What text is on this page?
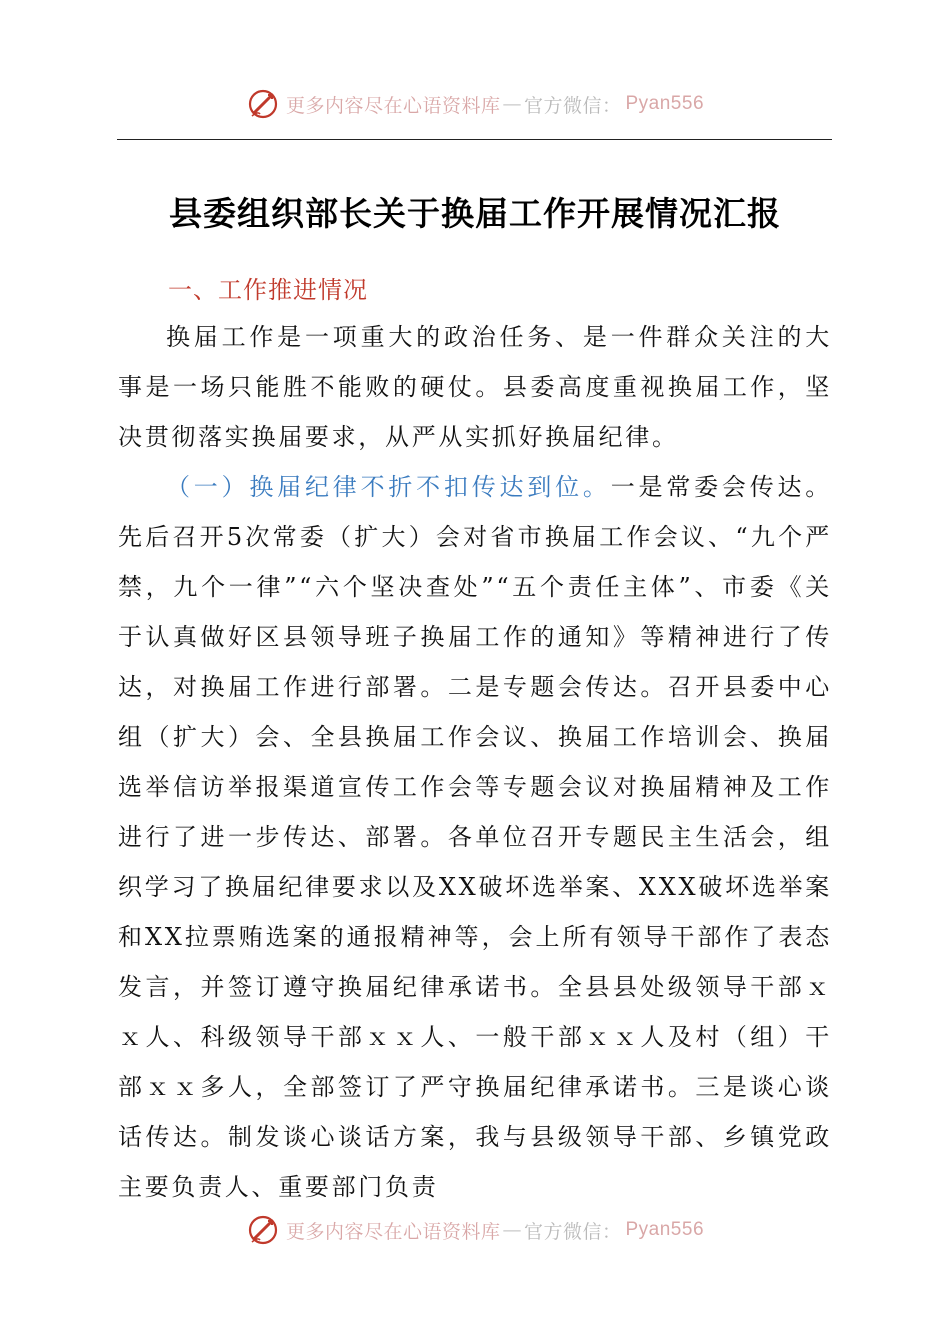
更多内容尽在心语资料库 — 官方微信： Pyan556
县委组织部长关于换届工作开展情况汇报
一、工作推进情况

换届工作是一项重大的政治任务、是一件群众关注的大事是一场只能胜不能败的硬仗。县委高度重视换届工作，坚决贯彻落实换届要求，从严从实抓好换届纪律。

（一）换届纪律不折不扣传达到位。一是常委会传达。先后召开5次常委（扩大）会对省市换届工作会议、“九个严禁，九个一律”“六个坚决查处”“五个责任主体”、市委《关于认真做好区县领导班子换届工作的通知》等精神进行了传达，对换届工作进行部署。二是专题会传达。召开县委中心组（扩大）会、全县换届工作会议、换届工作培训会、换届选举信访举报渠道宣传工作会等专题会议对换届精神及工作进行了进一步传达、部署。各单位召开专题民主生活会，组织学习了换届纪律要求以及XX破坏选举案、XXX破坏选举案和XX拉票贿选案的通报精神等，会上所有领导干部作了表态发言，并签订遵守换届纪律承诺书。全县县处级领导干部ｘｘ人、科级领导干部ｘｘ人、一般干部ｘｘ人及村（组）干部ｘｘ多人，全部签订了严守换届纪律承诺书。三是谈心谈话传达。制发谈心谈话方案，我与县级领导干部、乡镇党政主要负责人、重要部门负责

更多内容尽在心语资料库 — 官方微信： Pyan556
